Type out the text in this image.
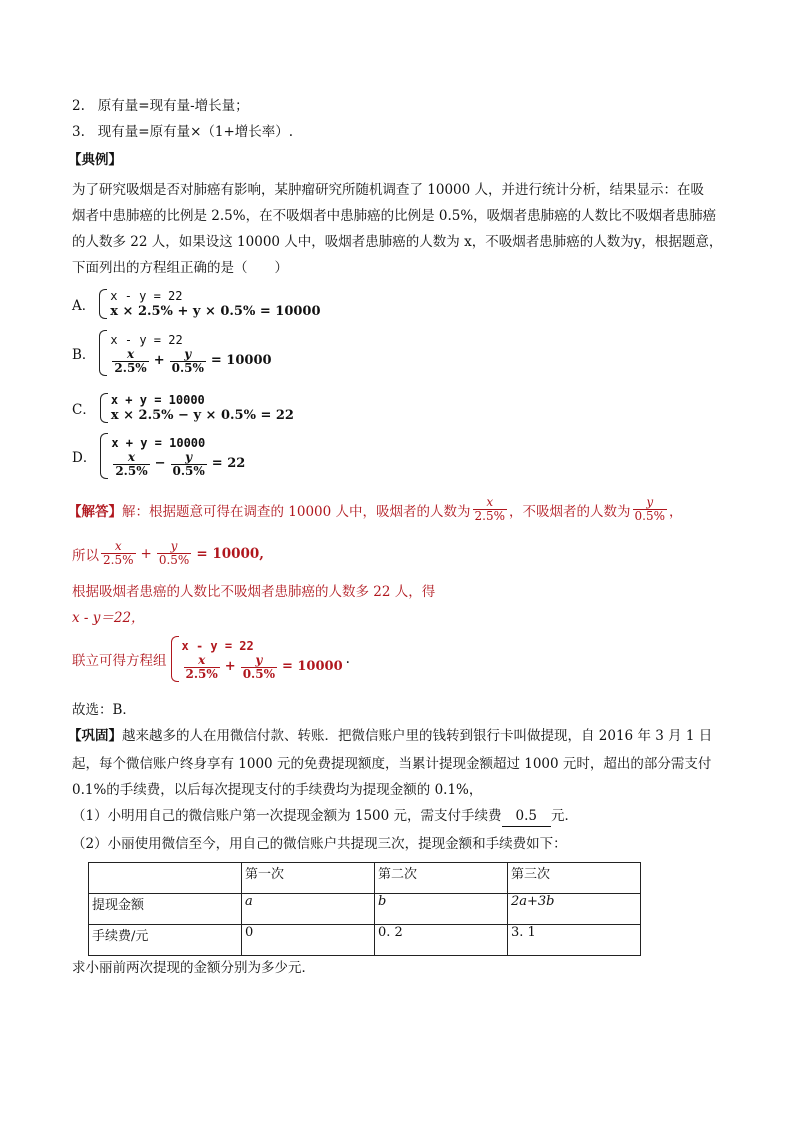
2.   原有量=现有量-增长量；
3.   现有量=原有量×（1+增长率）.
【典例】
为了研究吸烟是否对肺癌有影响，某肿瘤研究所随机调查了 10000 人，并进行统计分析，结果显示：在吸
烟者中患肺癌的比例是 2.5%，在不吸烟者中患肺癌的比例是 0.5%，吸烟者患肺癌的人数比不吸烟者患肺癌
的人数多 22 人，如果设这 10000 人中，吸烟者患肺癌的人数为 x，不吸烟者患肺癌的人数为y，根据题意，
下面列出的方程组正确的是（　　）
A．
x - y = 22
x × 2.5% + y × 0.5% = 10000
B．
x - y = 22
$\frac{x}{2.5\%} + \frac{y}{0.5\%} = 10000$
C．
x + y = 10000
x × 2.5% − y × 0.5% = 22
D．
x + y = 10000
$\frac{x}{2.5\%} - \frac{y}{0.5\%} = 22$
【解答】 解：根据题意可得在调查的 10000 人中，吸烟者的人数为 $\frac{x}{2.5\%}$ ，不吸烟者的人数为 $\frac{y}{0.5\%}$ ，
所以 $\frac{x}{2.5\%} + \frac{y}{0.5\%} = 10000$,
根据吸烟者患癌的人数比不吸烟者患肺癌的人数多 22 人，得
x - y＝22，
联立可得方程组
x - y = 22
$\frac{x}{2.5\%} + \frac{y}{0.5\%} = 10000$ .
故选：B．
【巩固】越来越多的人在用微信付款、转账．把微信账户里的钱转到银行卡叫做提现，自 2016 年 3 月 1 日
起，每个微信账户终身享有 1000 元的免费提现额度，当累计提现金额超过 1000 元时，超出的部分需支付
0.1%的手续费，以后每次提现支付的手续费均为提现金额的 0.1%，
（1）小明用自己的微信账户第一次提现金额为 1500 元，需支付手续费 0.5 元．
（2）小丽使用微信至今，用自己的微信账户共提现三次，提现金额和手续费如下：
	第一次	第二次	第三次
提现金额	a	b	2a+3b
手续费/元	0	0. 2	3. 1
求小丽前两次提现的金额分别为多少元．
